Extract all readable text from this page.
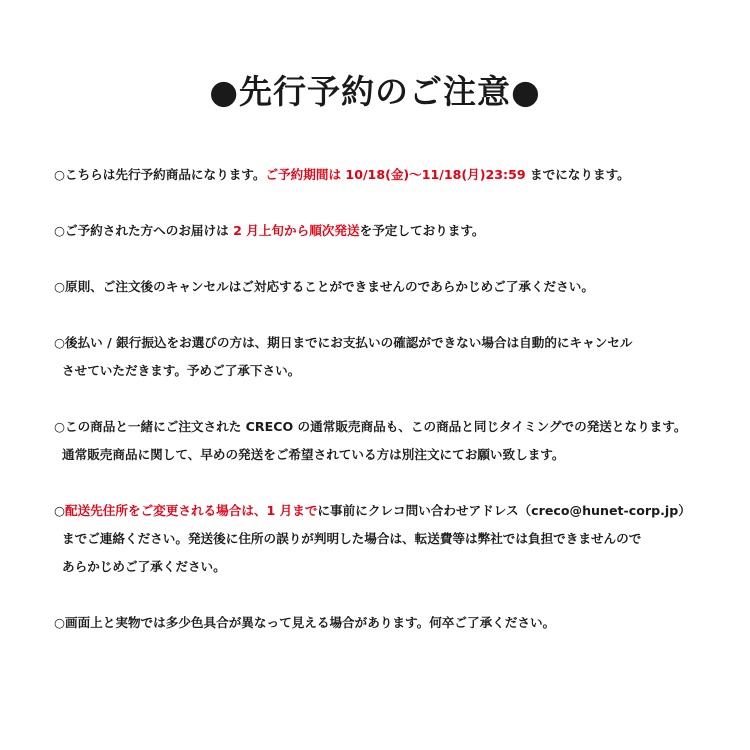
●先行予約のご注意●
○こちらは先行予約商品になります。ご予約期間は 10/18(金)〜11/18(月)23:59 までになります。
○ご予約された方へのお届けは 2 月上旬から順次発送を予定しております。
○原則、ご注文後のキャンセルはご対応することができませんのであらかじめご了承ください。
○後払い / 銀行振込をお選びの方は、期日までにお支払いの確認ができない場合は自動的にキャンセル
させていただきます。予めご了承下さい。
○この商品と一緒にご注文された CRECO の通常販売商品も、この商品と同じタイミングでの発送となります。
通常販売商品に関して、早めの発送をご希望されている方は別注文にてお願い致します。
○配送先住所をご変更される場合は、1 月までに事前にクレコ問い合わせアドレス（creco@hunet-corp.jp）
までご連絡ください。発送後に住所の誤りが判明した場合は、転送費等は弊社では負担できませんので
あらかじめご了承ください。
○画面上と実物では多少色具合が異なって見える場合があります。何卒ご了承ください。
